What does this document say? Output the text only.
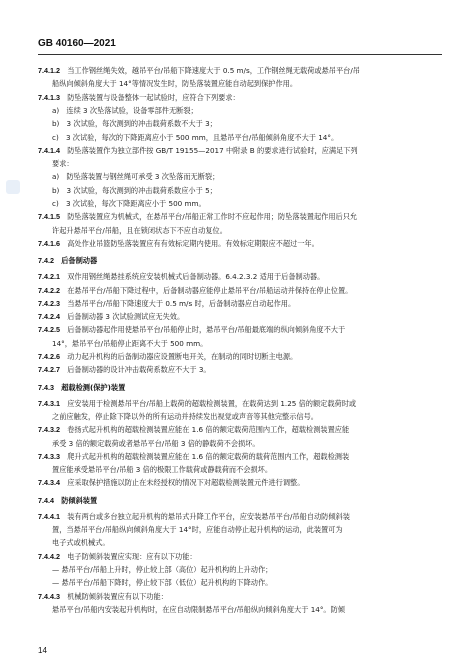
GB 40160—2021
7.4.1.2　 当工作钢丝绳失效，越吊平台/吊船下降速度大于 0.5 m/s，工作钢丝绳无载荷或悬吊平台/吊
船纵向倾斜角度大于 14°等情况发生时，防坠落装置应能自动起到保护作用。
7.4.1.3　 防坠落装置与设备整体一起试验时，应符合下列要求：
a)　连续 3 次坠落试验，设备零部件无断裂；
b)　3 次试验，每次测到的冲击载荷系数不大于 3；
c)　3 次试验，每次的下降距离应小于 500 mm，且悬吊平台/吊船倾斜角度不大于 14°。
7.4.1.4　 防坠落装置作为独立部件按 GB/T 19155—2017 中附录 B 的要求进行试验时，应满足下列
要求：
a)　防坠落装置与钢丝绳可承受 3 次坠落而无断裂；
b)　3 次试验，每次测到的冲击载荷系数应小于 5；
c)　3 次试验，每次下降距离应小于 500 mm。
7.4.1.5　 防坠落装置应为机械式，在悬吊平台/吊船正常工作时不应起作用；防坠落装置起作用后只允
许起升悬吊平台/吊船，且在锁闭状态下不应自动复位。
7.4.1.6　 高处作业吊篮防坠落装置应有有效标定期内使用。有效标定期限应不超过一年。
7.4.2　 后备制动器
7.4.2.1　 双作用钢丝绳悬挂系统应安装机械式后备制动器。6.4.2.3.2 适用于后备制动器。
7.4.2.2　 在悬吊平台/吊船下降过程中，后备制动器应能停止悬吊平台/吊船运动并保持在停止位置。
7.4.2.3　 当悬吊平台/吊船下降速度大于 0.5 m/s 时，后备制动器应自动起作用。
7.4.2.4　 后备制动器 3 次试验测试应无失效。
7.4.2.5　 后备制动器起作用使悬吊平台/吊船停止时，悬吊平台/吊船最底端的纵向倾斜角度不大于
14°，悬吊平台/吊船停止距离不大于 500 mm。
7.4.2.6　 动力起升机构的后备制动器应设置断电开关，在制动的同时切断主电源。
7.4.2.7　 后备制动器的设计冲击载荷系数应不大于 3。
7.4.3　 超载检测(保护)装置
7.4.3.1　 应安装用于检测悬吊平台/吊船上载荷的超载检测装置，在载荷达到 1.25 倍的额定载荷时或
之前应触发，停止除下降以外的所有运动并持续发出视觉或声音等其他完整示信号。
7.4.3.2　 卷扬式起升机构的超载检测装置应能在 1.6 倍的额定载荷范围内工作，超载检测装置应能
承受 3 倍的额定载荷或者悬吊平台/吊船 3 倍的静载荷不会损坏。
7.4.3.3　 爬升式起升机构的超载检测装置应能在 1.6 倍的额定载荷的载荷范围内工作，超载检测装
置应能承受悬吊平台/吊船 3 倍的极限工作载荷或静载荷而不会损坏。
7.4.3.4　 应采取保护措施以防止在未经授权的情况下对超载检测装置元件进行调整。
7.4.4　 防倾斜装置
7.4.4.1　 装有两台或多台独立起升机构的悬吊式升降工作平台，应安装悬吊平台/吊船自动防倾斜装
置，当悬吊平台/吊船纵向倾斜角度大于 14°时，应能自动停止起升机构的运动，此装置可为
电子式或机械式。
7.4.4.2　 电子防倾斜装置应实现：应有以下功能：
— 悬吊平台/吊船上升时，停止较上部（高位）起升机构的上升动作；
— 悬吊平台/吊船下降时，停止较下部（低位）起升机构的下降动作。
7.4.4.3　 机械防倾斜装置应有以下功能：
悬吊平台/吊船内安装起升机构时，在应自动限制悬吊平台/吊船纵向倾斜角度大于 14°。防倾
14
